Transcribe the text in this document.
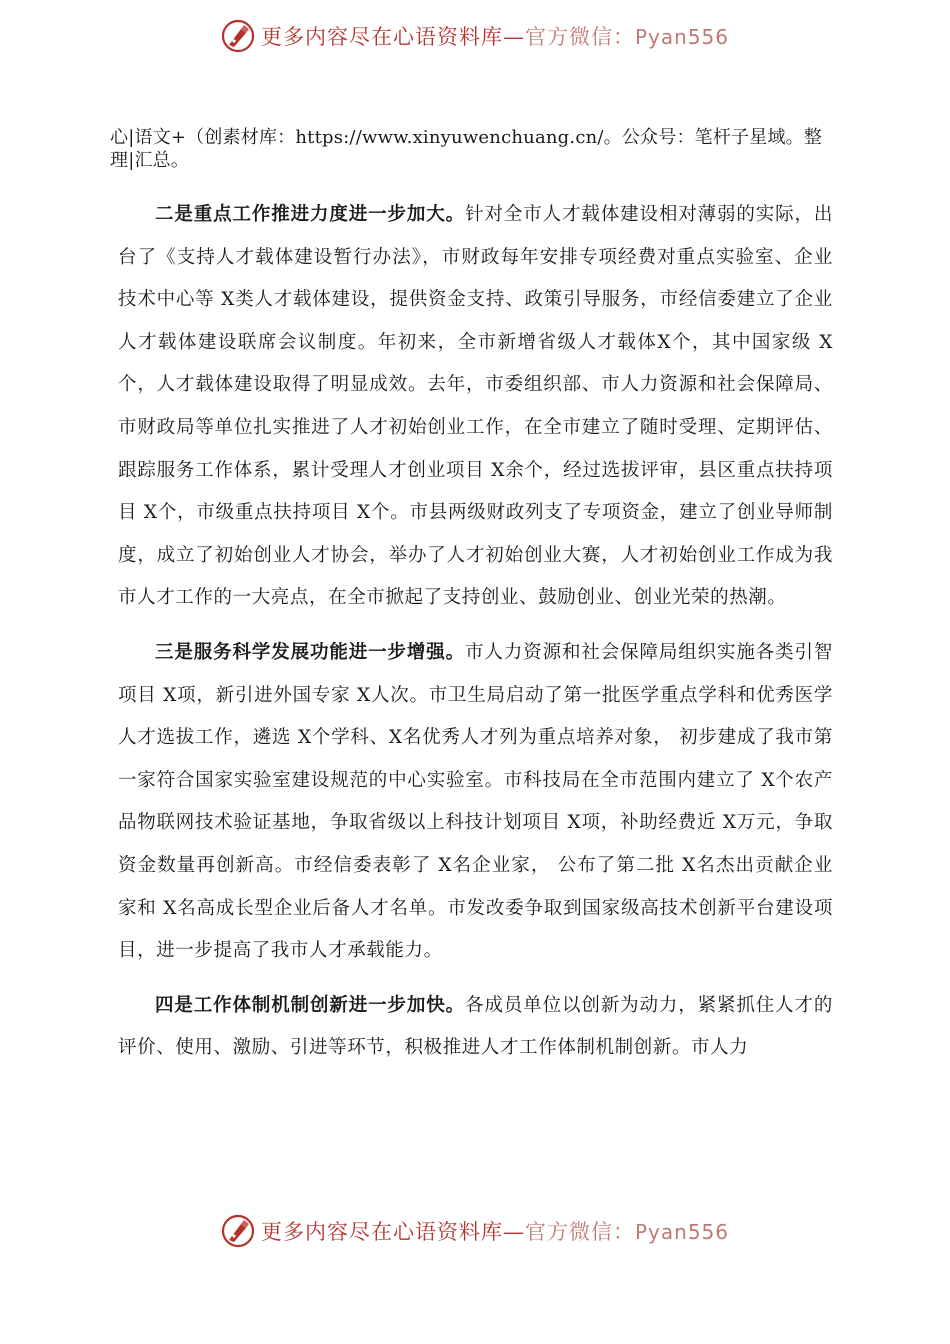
更多内容尽在心语资料库—官方微信：Pyan556
心|语文+（创素材库：https://www.xinyuwenchuang.cn/。公众号：笔杆子星域。整理|汇总。

二是重点工作推进力度进一步加大。针对全市人才载体建设相对薄弱的实际，出台了《支持人才载体建设暂行办法》，市财政每年安排专项经费对重点实验室、企业技术中心等 X类人才载体建设，提供资金支持、政策引导服务，市经信委建立了企业人才载体建设联席会议制度。年初来，全市新增省级人才载体X个，其中国家级 X个，人才载体建设取得了明显成效。去年，市委组织部、市人力资源和社会保障局、市财政局等单位扎实推进了人才初始创业工作，在全市建立了随时受理、定期评估、跟踪服务工作体系，累计受理人才创业项目 X余个，经过选拔评审，县区重点扶持项目 X个，市级重点扶持项目 X个。市县两级财政列支了专项资金，建立了创业导师制度，成立了初始创业人才协会，举办了人才初始创业大赛，人才初始创业工作成为我市人才工作的一大亮点，在全市掀起了支持创业、鼓励创业、创业光荣的热潮。

三是服务科学发展功能进一步增强。市人力资源和社会保障局组织实施各类引智项目 X项，新引进外国专家 X人次。市卫生局启动了第一批医学重点学科和优秀医学人才选拔工作，遴选 X个学科、X名优秀人才列为重点培养对象， 初步建成了我市第一家符合国家实验室建设规范的中心实验室。市科技局在全市范围内建立了 X个农产品物联网技术验证基地，争取省级以上科技计划项目 X项，补助经费近 X万元，争取资金数量再创新高。市经信委表彰了 X名企业家， 公布了第二批 X名杰出贡献企业家和 X名高成长型企业后备人才名单。市发改委争取到国家级高技术创新平台建设项目，进一步提高了我市人才承载能力。

四是工作体制机制创新进一步加快。各成员单位以创新为动力，紧紧抓住人才的评价、使用、激励、引进等环节，积极推进人才工作体制机制创新。市人力

更多内容尽在心语资料库—官方微信：Pyan556
